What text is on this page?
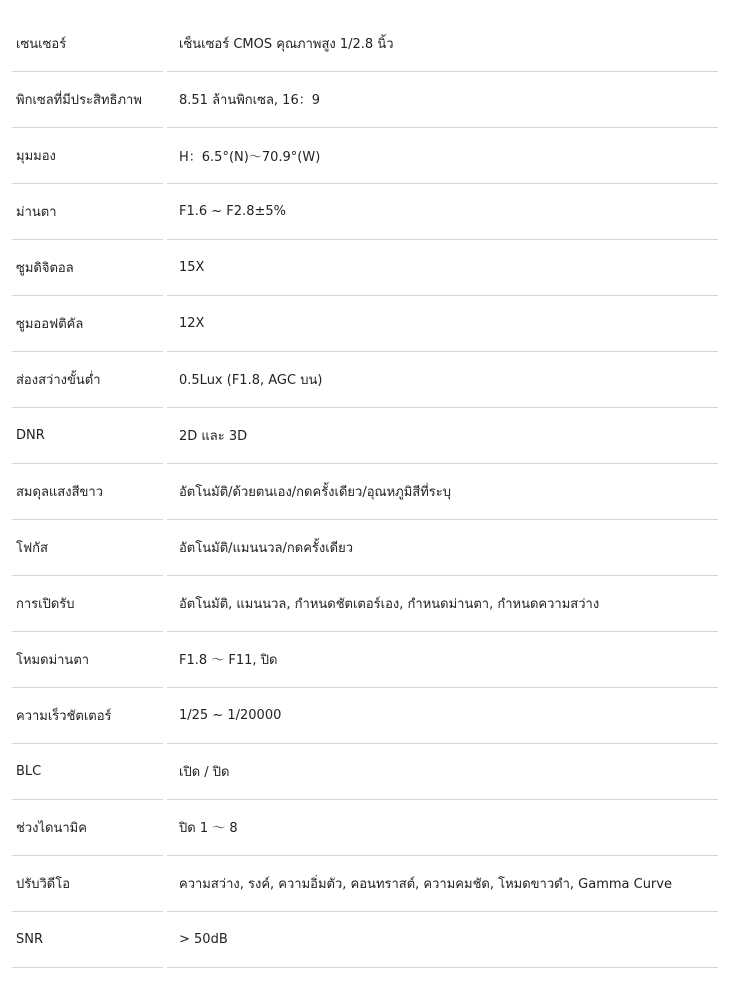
เซนเซอร์	เซ็นเซอร์ CMOS คุณภาพสูง 1/2.8 นิ้ว
พิกเซลที่มีประสิทธิภาพ	8.51 ล้านพิกเซล, 16：9
มุมมอง	H：6.5°(N)～70.9°(W)
ม่านตา	F1.6 ~ F2.8±5%
ซูมดิจิตอล	15X
ซูมออฟติคัล	12X
ส่องสว่างขั้นต่ำ	0.5Lux (F1.8, AGC บน)
DNR	2D และ 3D
สมดุลแสงสีขาว	อัตโนมัติ/ด้วยตนเอง/กดครั้งเดียว/อุณหภูมิสีที่ระบุ
โฟกัส	อัตโนมัติ/แมนนวล/กดครั้งเดียว
การเปิดรับ	อัตโนมัติ, แมนนวล, กำหนดชัตเตอร์เอง, กำหนดม่านตา, กำหนดความสว่าง
โหมดม่านตา	F1.8 ～ F11, ปิด
ความเร็วชัตเตอร์	1/25 ~ 1/20000
BLC	เปิด / ปิด
ช่วงไดนามิค	ปิด 1 ～ 8
ปรับวิดีโอ	ความสว่าง, รงค์, ความอิ่มตัว, คอนทราสต์, ความคมชัด, โหมดขาวดำ, Gamma Curve
SNR	> 50dB
